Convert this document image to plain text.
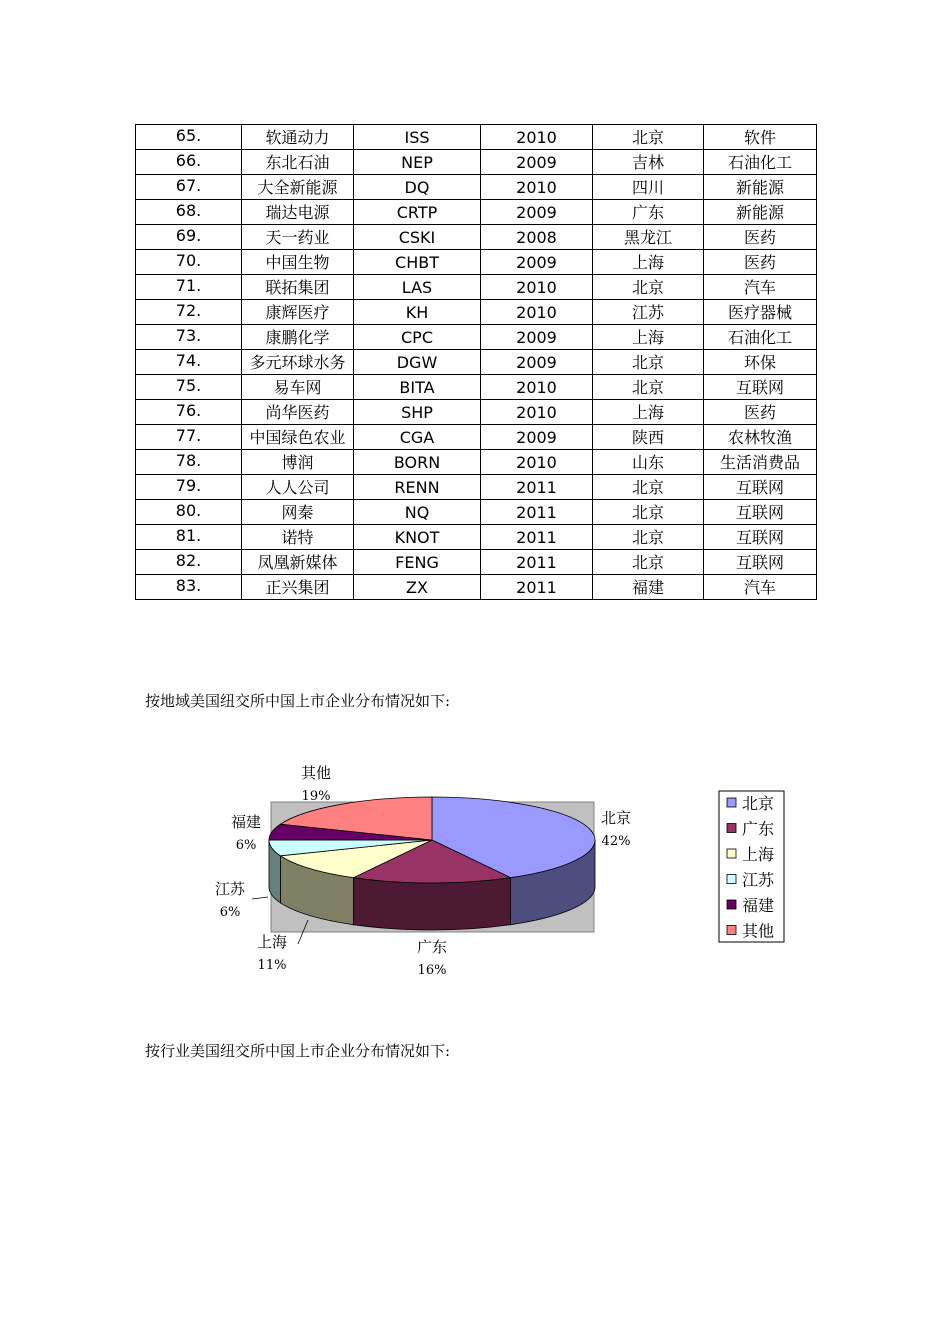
65.	软通动力	ISS	2010	北京	软件
66.	东北石油	NEP	2009	吉林	石油化工
67.	大全新能源	DQ	2010	四川	新能源
68.	瑞达电源	CRTP	2009	广东	新能源
69.	天一药业	CSKI	2008	黑龙江	医药
70.	中国生物	CHBT	2009	上海	医药
71.	联拓集团	LAS	2010	北京	汽车
72.	康辉医疗	KH	2010	江苏	医疗器械
73.	康鹏化学	CPC	2009	上海	石油化工
74.	多元环球水务	DGW	2009	北京	环保
75.	易车网	BITA	2010	北京	互联网
76.	尚华医药	SHP	2010	上海	医药
77.	中国绿色农业	CGA	2009	陕西	农林牧渔
78.	博润	BORN	2010	山东	生活消费品
79.	人人公司	RENN	2011	北京	互联网
80.	网秦	NQ	2011	北京	互联网
81.	诺特	KNOT	2011	北京	互联网
82.	凤凰新媒体	FENG	2011	北京	互联网
83.	正兴集团	ZX	2011	福建	汽车
按地域美国纽交所中国上市企业分布情况如下:
北京
42%
广东
16%
上海
11%
江苏
6%
福建
6%
其他
19%	北京
广东
上海
江苏
福建
其他
按行业美国纽交所中国上市企业分布情况如下:
